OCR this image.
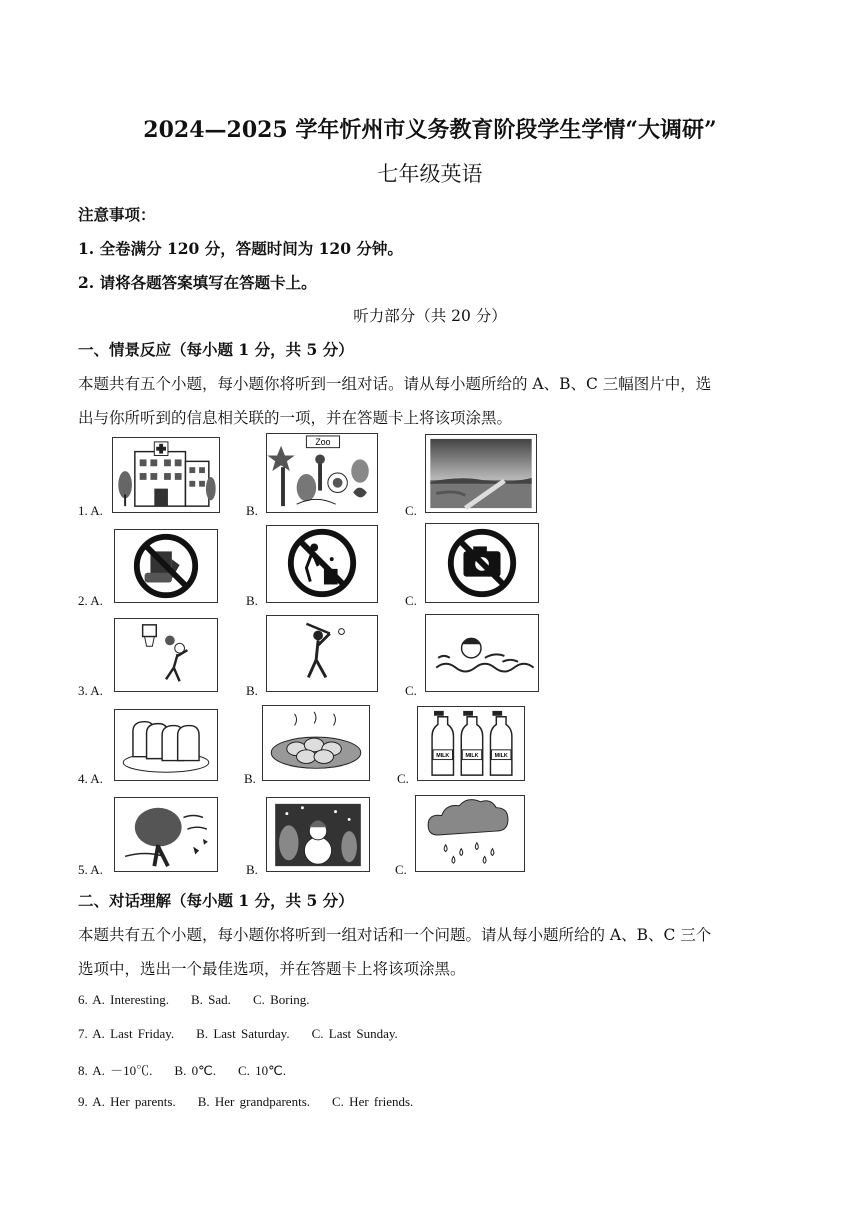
2024—2025 学年忻州市义务教育阶段学生学情“大调研”
七年级英语
注意事项：
1. 全卷满分 120 分，答题时间为 120 分钟。
2. 请将各题答案填写在答题卡上。
听力部分（共 20 分）
一、情景反应（每小题 1 分，共 5 分）
本题共有五个小题，每小题你将听到一组对话。请从每小题所给的 A、B、C 三幅图片中，选
出与你所听到的信息相关联的一项，并在答题卡上将该项涂黑。
1. A.	B.
Zoo
C.
2. A.	B.	C.
3. A.	B.	C.
4. A.	B.	C.
MILK	MILK	MILK
5. A.	B.	C.
二、对话理解（每小题 1 分，共 5 分）
本题共有五个小题，每小题你将听到一组对话和一个问题。请从每小题所给的 A、B、C 三个
选项中，选出一个最佳选项，并在答题卡上将该项涂黑。
6. A. Interesting. B. Sad. C. Boring.
7. A. Last Friday. B. Last Saturday. C. Last Sunday.
8. A. －10℃. B. 0℃. C. 10℃.
9. A. Her parents. B. Her grandparents. C. Her friends.
